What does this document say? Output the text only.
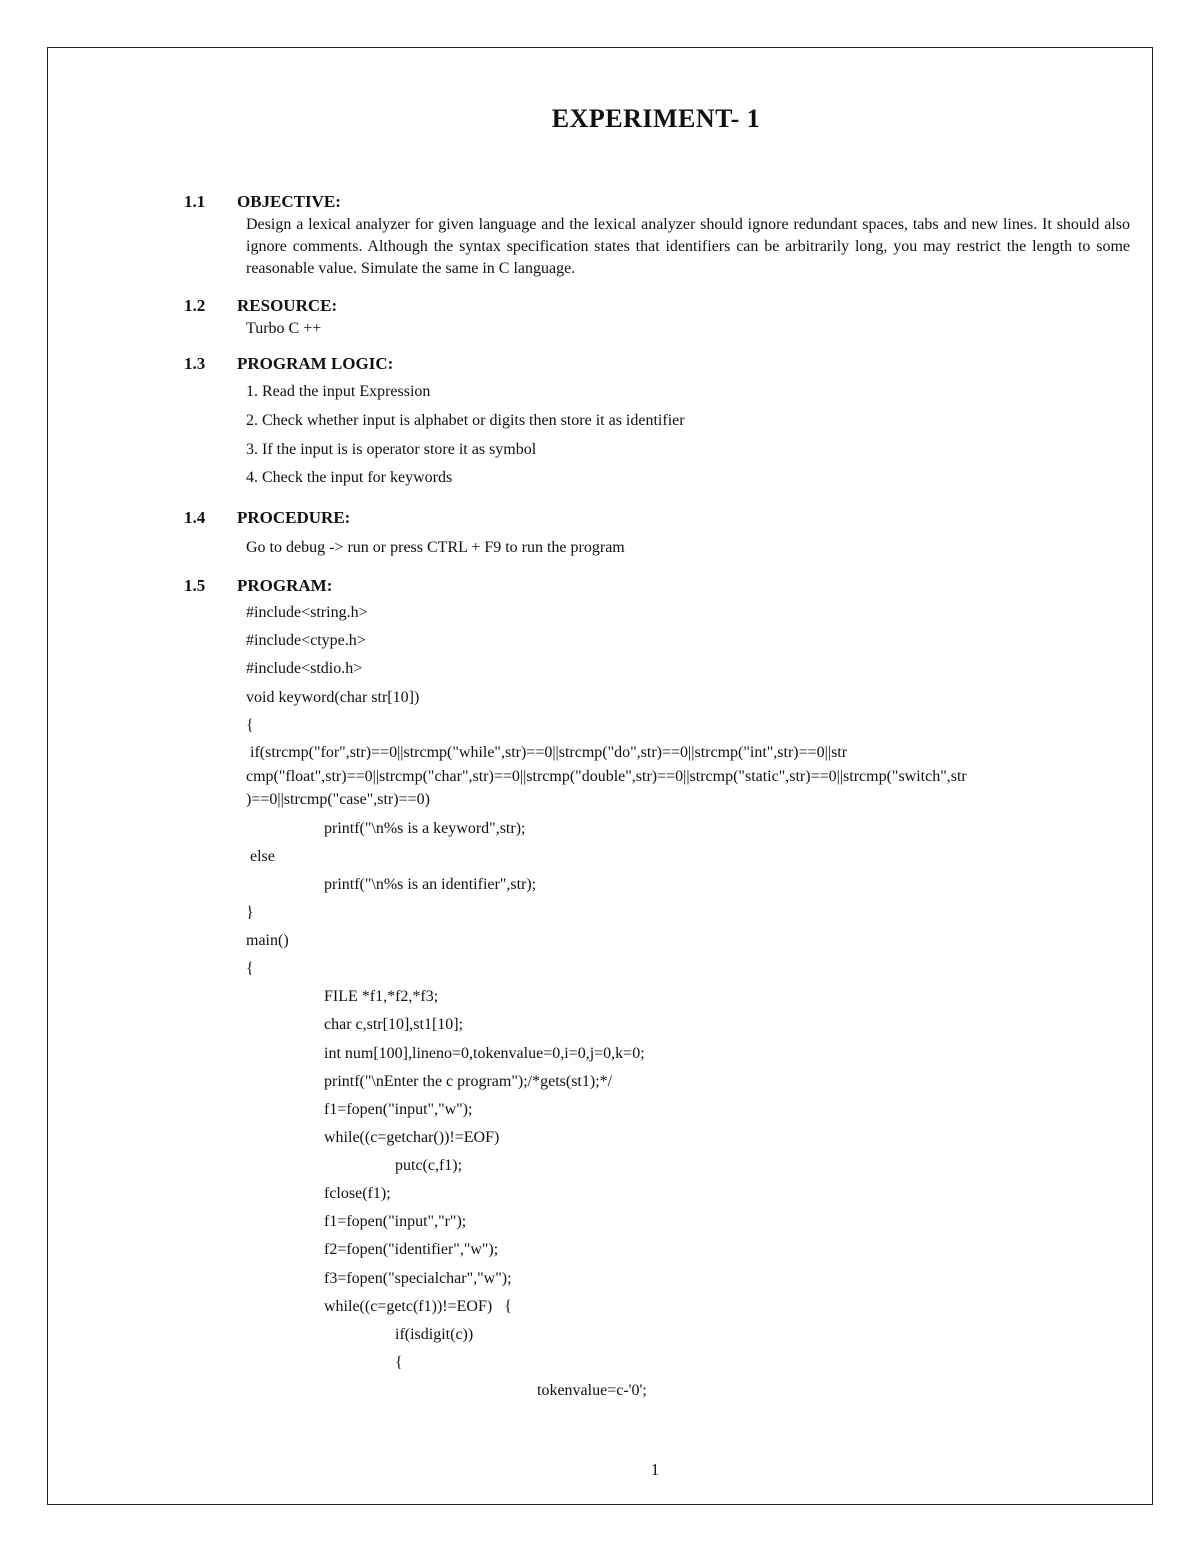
EXPERIMENT- 1
1.1 OBJECTIVE:
Design a lexical analyzer for given language and the lexical analyzer should ignore redundant spaces, tabs and new lines. It should also ignore comments. Although the syntax specification states that identifiers can be arbitrarily long, you may restrict the length to some reasonable value. Simulate the same in C language.
1.2 RESOURCE:
Turbo C ++
1.3 PROGRAM LOGIC:
1. Read the input Expression
2. Check whether input is alphabet or digits then store it as identifier
3. If the input is is operator store it as symbol
4. Check the input for keywords
1.4 PROCEDURE:
Go to debug -> run or press CTRL + F9 to run the program
1.5 PROGRAM:
#include<string.h>
#include<ctype.h>
#include<stdio.h>
void keyword(char str[10])
{
if(strcmp("for",str)==0||strcmp("while",str)==0||strcmp("do",str)==0||strcmp("int",str)==0||str
cmp("float",str)==0||strcmp("char",str)==0||strcmp("double",str)==0||strcmp("static",str)==0||strcmp("switch",str
)==0||strcmp("case",str)==0)
printf("\n%s is a keyword",str);
else
printf("\n%s is an identifier",str);
}
main()
{
FILE *f1,*f2,*f3;
char c,str[10],st1[10];
int num[100],lineno=0,tokenvalue=0,i=0,j=0,k=0;
printf("\nEnter the c program");/*gets(st1);*/
f1=fopen("input","w");
while((c=getchar())!=EOF)
putc(c,f1);
fclose(f1);
f1=fopen("input","r");
f2=fopen("identifier","w");
f3=fopen("specialchar","w");
while((c=getc(f1))!=EOF)   {
if(isdigit(c))
{
tokenvalue=c-'0';
1
